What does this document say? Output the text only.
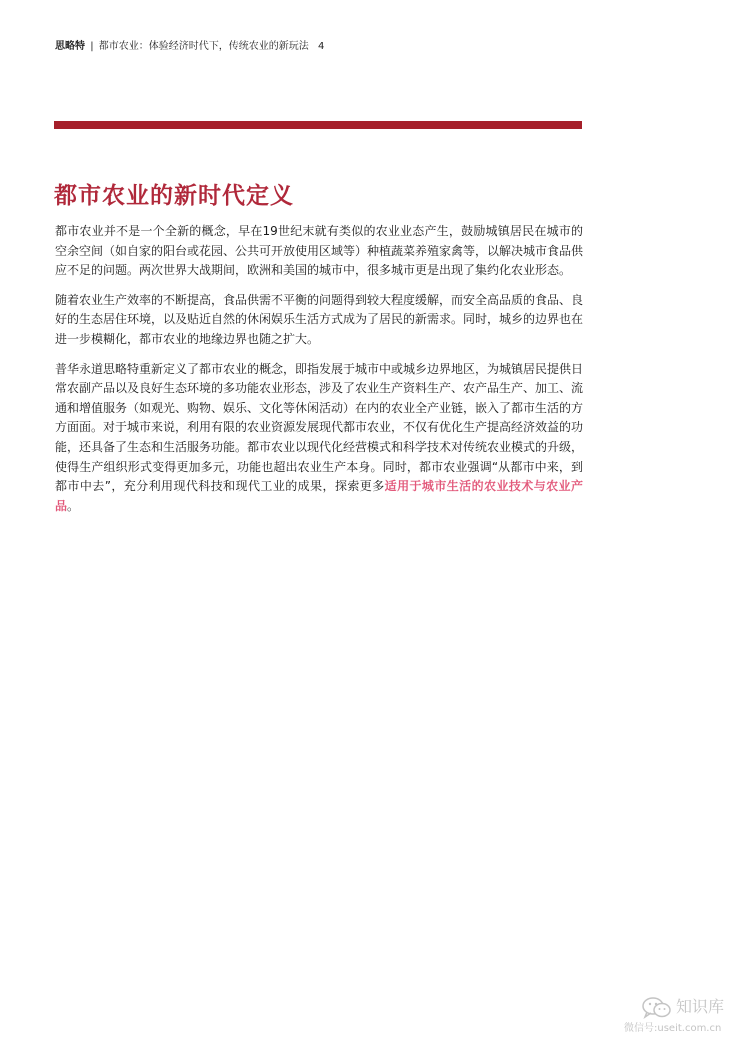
思略特 | 都市农业：体验经济时代下，传统农业的新玩法 4
都市农业的新时代定义

都市农业并不是一个全新的概念，早在19世纪末就有类似的农业业态产生，鼓励城镇居民在城市的空余空间（如自家的阳台或花园、公共可开放使用区域等）种植蔬菜养殖家禽等，以解决城市食品供应不足的问题。两次世界大战期间，欧洲和美国的城市中，很多城市更是出现了集约化农业形态。

随着农业生产效率的不断提高，食品供需不平衡的问题得到较大程度缓解，而安全高品质的食品、良好的生态居住环境，以及贴近自然的休闲娱乐生活方式成为了居民的新需求。同时，城乡的边界也在进一步模糊化，都市农业的地缘边界也随之扩大。

普华永道思略特重新定义了都市农业的概念，即指发展于城市中或城乡边界地区，为城镇居民提供日常农副产品以及良好生态环境的多功能农业形态，涉及了农业生产资料生产、农产品生产、加工、流通和增值服务（如观光、购物、娱乐、文化等休闲活动）在内的农业全产业链，嵌入了都市生活的方方面面。对于城市来说，利用有限的农业资源发展现代都市农业，不仅有优化生产提高经济效益的功能，还具备了生态和生活服务功能。都市农业以现代化经营模式和科学技术对传统农业模式的升级，使得生产组织形式变得更加多元，功能也超出农业生产本身。同时，都市农业强调“从都市中来，到都市中去”，充分利用现代科技和现代工业的成果，探索更多适用于城市生活的农业技术与农业产品。

知识库
微信号:useit.com.cn
